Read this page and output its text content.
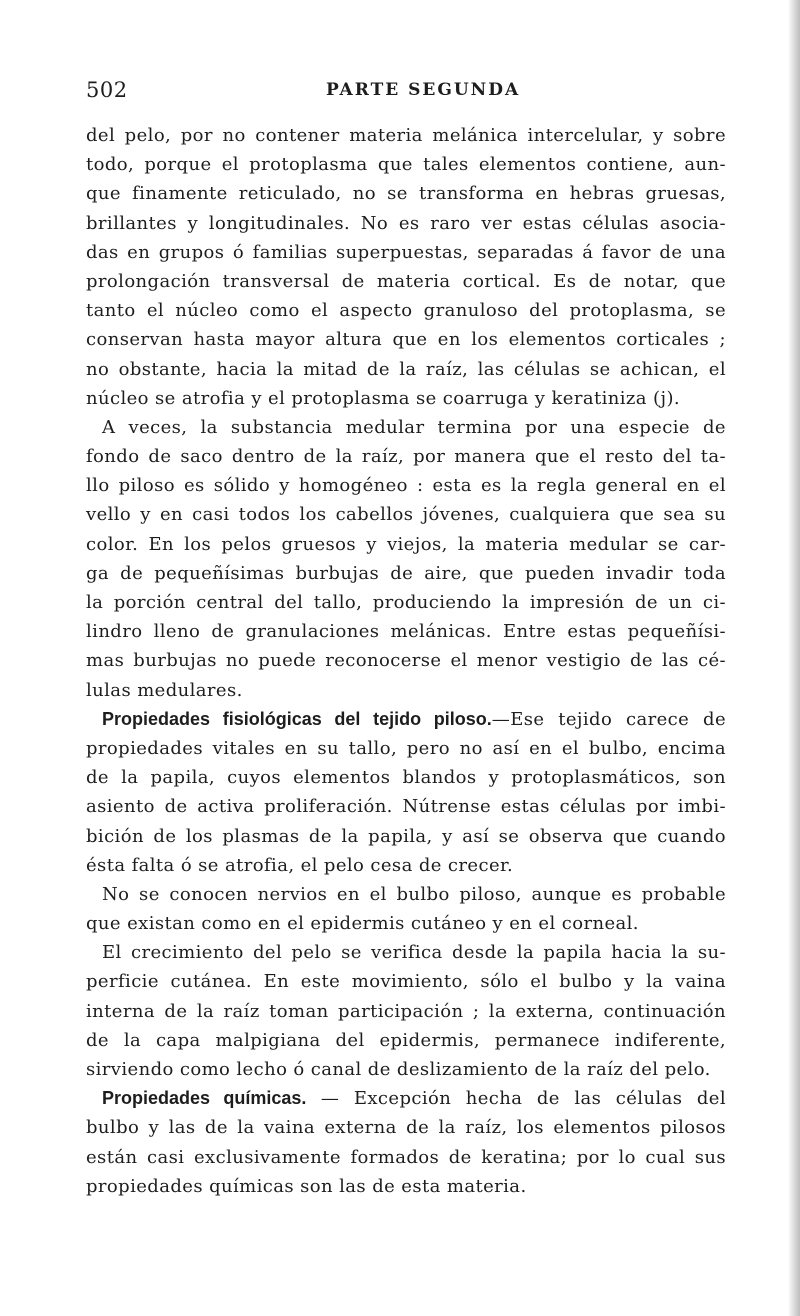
502	PARTE SEGUNDA
del pelo, por no contener materia melánica intercelular, y sobre
todo, porque el protoplasma que tales elementos contiene, aun-
que finamente reticulado, no se transforma en hebras gruesas,
brillantes y longitudinales. No es raro ver estas células asocia-
das en grupos ó familias superpuestas, separadas á favor de una
prolongación transversal de materia cortical. Es de notar, que
tanto el núcleo como el aspecto granuloso del protoplasma, se
conservan hasta mayor altura que en los elementos corticales ;
no obstante, hacia la mitad de la raíz, las células se achican, el
núcleo se atrofia y el protoplasma se coarruga y keratiniza (j).
A veces, la substancia medular termina por una especie de
fondo de saco dentro de la raíz, por manera que el resto del ta-
llo piloso es sólido y homogéneo : esta es la regla general en el
vello y en casi todos los cabellos jóvenes, cualquiera que sea su
color. En los pelos gruesos y viejos, la materia medular se car-
ga de pequeñísimas burbujas de aire, que pueden invadir toda
la porción central del tallo, produciendo la impresión de un ci-
lindro lleno de granulaciones melánicas. Entre estas pequeñísi-
mas burbujas no puede reconocerse el menor vestigio de las cé-
lulas medulares.
Propiedades fisiológicas del tejido piloso.—Ese tejido carece de
propiedades vitales en su tallo, pero no así en el bulbo, encima
de la papila, cuyos elementos blandos y protoplasmáticos, son
asiento de activa proliferación. Nútrense estas células por imbi-
bición de los plasmas de la papila, y así se observa que cuando
ésta falta ó se atrofia, el pelo cesa de crecer.
No se conocen nervios en el bulbo piloso, aunque es probable
que existan como en el epidermis cutáneo y en el corneal.
El crecimiento del pelo se verifica desde la papila hacia la su-
perficie cutánea. En este movimiento, sólo el bulbo y la vaina
interna de la raíz toman participación ; la externa, continuación
de la capa malpigiana del epidermis, permanece indiferente,
sirviendo como lecho ó canal de deslizamiento de la raíz del pelo.
Propiedades químicas. — Excepción hecha de las células del
bulbo y las de la vaina externa de la raíz, los elementos pilosos
están casi exclusivamente formados de keratina; por lo cual sus
propiedades químicas son las de esta materia.
